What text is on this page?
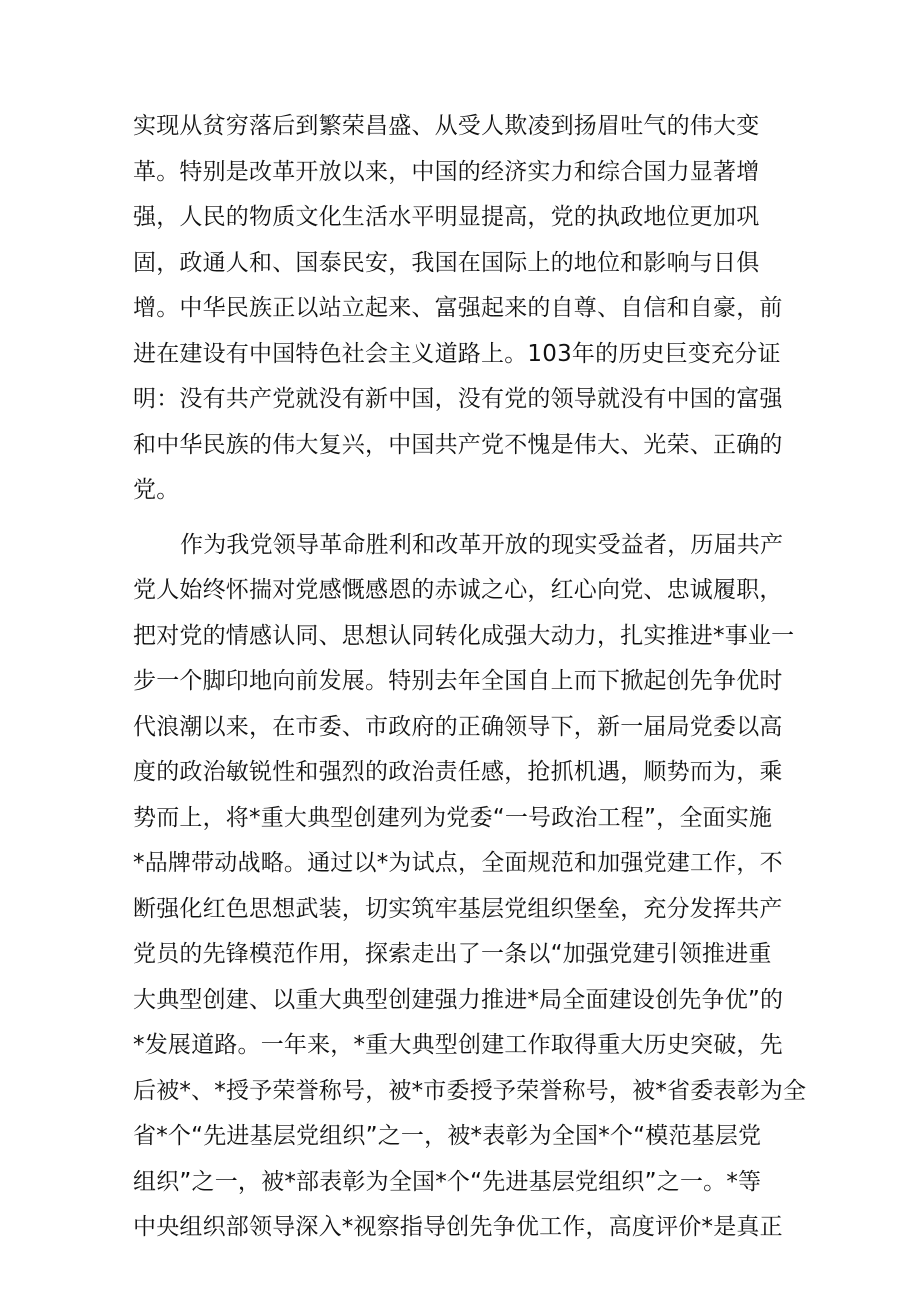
实现从贫穷落后到繁荣昌盛、从受人欺凌到扬眉吐气的伟大变
革。特别是改革开放以来，中国的经济实力和综合国力显著增
强，人民的物质文化生活水平明显提高，党的执政地位更加巩
固，政通人和、国泰民安，我国在国际上的地位和影响与日俱
增。中华民族正以站立起来、富强起来的自尊、自信和自豪，前
进在建设有中国特色社会主义道路上。103年的历史巨变充分证
明：没有共产党就没有新中国，没有党的领导就没有中国的富强
和中华民族的伟大复兴，中国共产党不愧是伟大、光荣、正确的
党。
作为我党领导革命胜利和改革开放的现实受益者，历届共产
党人始终怀揣对党感慨感恩的赤诚之心，红心向党、忠诚履职，
把对党的情感认同、思想认同转化成强大动力，扎实推进*事业一
步一个脚印地向前发展。特别去年全国自上而下掀起创先争优时
代浪潮以来，在市委、市政府的正确领导下，新一届局党委以高
度的政治敏锐性和强烈的政治责任感，抢抓机遇，顺势而为，乘
势而上，将*重大典型创建列为党委“一号政治工程”，全面实施
*品牌带动战略。通过以*为试点，全面规范和加强党建工作，不
断强化红色思想武装，切实筑牢基层党组织堡垒，充分发挥共产
党员的先锋模范作用，探索走出了一条以“加强党建引领推进重
大典型创建、以重大典型创建强力推进*局全面建设创先争优”的
*发展道路。一年来，*重大典型创建工作取得重大历史突破，先
后被*、*授予荣誉称号，被*市委授予荣誉称号，被*省委表彰为全
省*个“先进基层党组织”之一，被*表彰为全国*个“模范基层党
组织”之一，被*部表彰为全国*个“先进基层党组织”之一。*等
中央组织部领导深入*视察指导创先争优工作，高度评价*是真正
